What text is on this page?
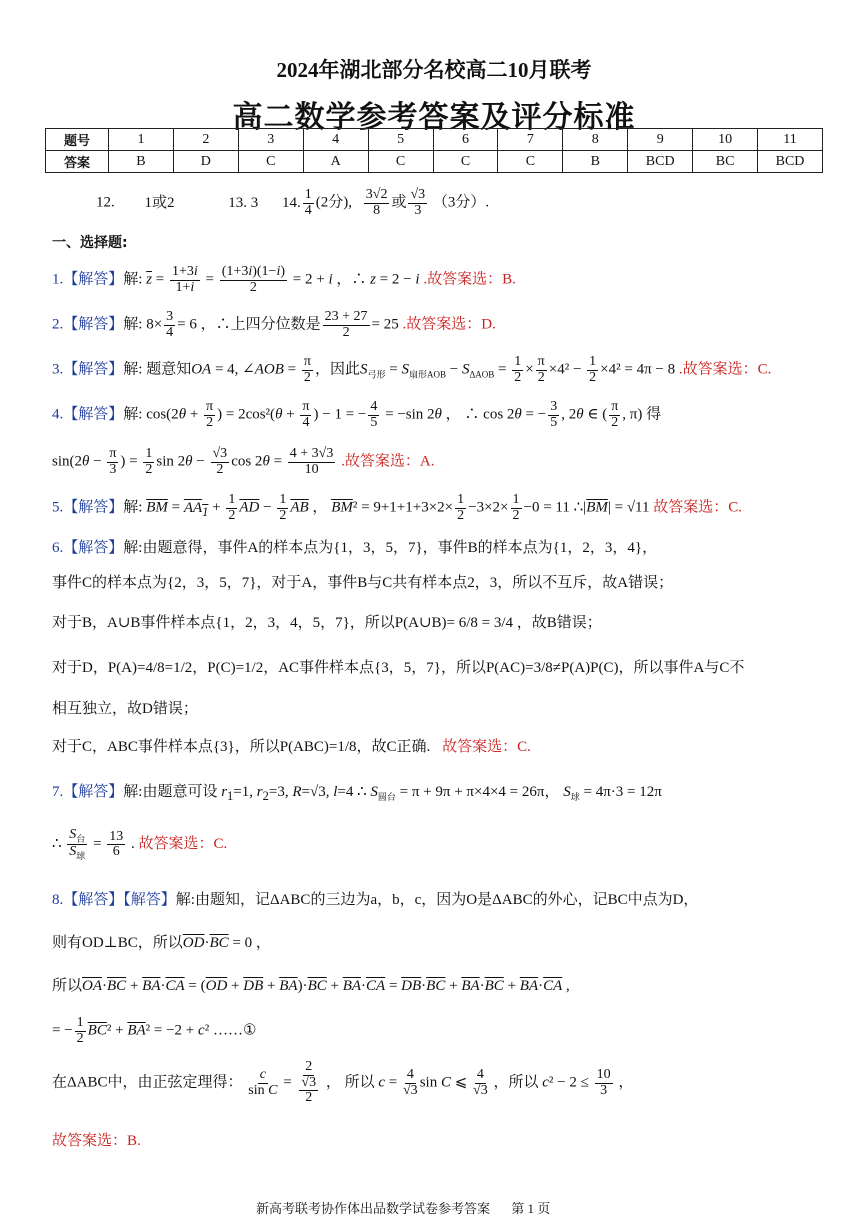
2024年湖北部分名校高二10月联考
高二数学参考答案及评分标准
题号	1	2	3	4	5	6	7	8	9	10	11
答案	B	D	C	A	C	C	C	B	BCD	BC	BCD
12. 1或2	13. 3 14. $\frac{1}{4} (2$分), $\frac{3√2}{8}$ 或 $\frac{√3}{3} (3$分）.
一、选择题:
1.【解答】解: $\overline{z} = \frac{1+3i}{1+i} = \frac{(1+3i)(1-i)}{2} = 2 + i$ ，∴ z = 2 − i .故答案选：B.
2.【解答】解: $8\times \frac{3}{4} = 6$ ，∴上四分位数是 $\frac{23 + 27}{2} = 25$ .故答案选：D.
3.【解答】解: 题意知OA = 4, ∠AOB = $\frac{\pi}{2}$ ，因此$S_{弓形} = S_{扇形AOB} - S_{\Delta AOB} = \frac{1}{2} \times \frac{\pi}{2} \times 4^2 - \frac{1}{2} \times 4^2 = 4\pi - 8$ .故答案选：C.
4.【解答】解: $\cos(2\theta + \frac{\pi}{2}$ ) = $2\cos^2(\theta + \frac{\pi}{4}$ ) − 1 = − $\frac{4}{5} = -\sin$ 2θ ， ∴ cos 2θ = − $\frac{3}{5}$ , 2θ ∈ ( $\frac{\pi}{2}$ , π) 得
$\sin(2\theta - \frac{\pi}{3}$ ) = $\frac{1}{2}$ $\sin 2\theta - \frac{√3}{2}$ $\cos 2\theta = \frac{4 + 3√3}{10}$ .故答案选：A.
5.【解答】解: $\overline{BM} = AA_1 + \frac{1}{2} \overline{AD} - \frac{1}{2} \overline{AB}$ ， $\overline{BM}^2 = 9+1+1+3\times 2\times \frac{1}{2} -3\times 2\times \frac{1}{2} -0 = 11$ $\therefore|\overline{BM}| = √11$ 故答案选：C.
6.【解答】解:由题意得，事件A的样本点为{1，3，5，7}，事件B的样本点为{1，2，3，4}，
事件C的样本点为{2，3，5，7}，对于A，事件B与C共有样本点2，3，所以不互斥，故A错误；
对于B，A∪B事件样本点{1，2，3，4，5，7}，所以P(A∪B)= 6/8 = 3/4 ，故B错误；
对于D，P(A)=4/8=1/2，P(C)=1/2，AC事件样本点{3，5，7}，所以P(AC)=3/8≠P(A)P(C)，所以事件A与C不
相互独立，故D错误；
对于C，ABC事件样本点{3}，所以P(ABC)=1/8，故C正确. 故答案选：C.
7.【解答】解:由题意可设 $r_1=1$, $r_2=3$, R=√3, l=4 ∴ $S_{圆台} = \pi + 9\pi + \pi\times 4\times 4 = 26\pi$， $S_球 = 4\pi\cdot 3 = 12\pi$
∴ $\frac{S_台}{S_球} = \frac{13}{6}$ . 故答案选：C.
8.【解答】【解答】解:由题知，记ΔABC的三边为a，b，c，因为O是ΔABC的外心，记BC中点为D，
则有OD⊥BC，所以$\overline{OD}\cdot\overline{BC} = 0$ ，
所以$\overline{OA}\cdot\overline{BC} + \overline{BA}\cdot\overline{CA} = (\overline{OD} + \overline{DB} + \overline{BA})\cdot\overline{BC} + \overline{BA}\cdot\overline{CA} = \overline{DB}\cdot\overline{BC} + \overline{BA}\cdot\overline{BC} + \overline{BA}\cdot\overline{CA}$ ,
= − $\frac{1}{2} \overline{BC}^2 + \overline{BA}^2 = -2 + c^2$ ……①
在ΔABC中，由正弦定理得： $\frac{c}{\text{sin C}} = \frac{2}{\frac{√3}{2}}$ ， 所以 $c = \frac{4}{√3}$ sin C ⩽ $\frac{4}{√3}$ ，所以 $c^2 - 2 \le \frac{10}{3}$ ，
故答案选：B.
新高考联考协作体出品数学试卷参考答案 第 1 页
